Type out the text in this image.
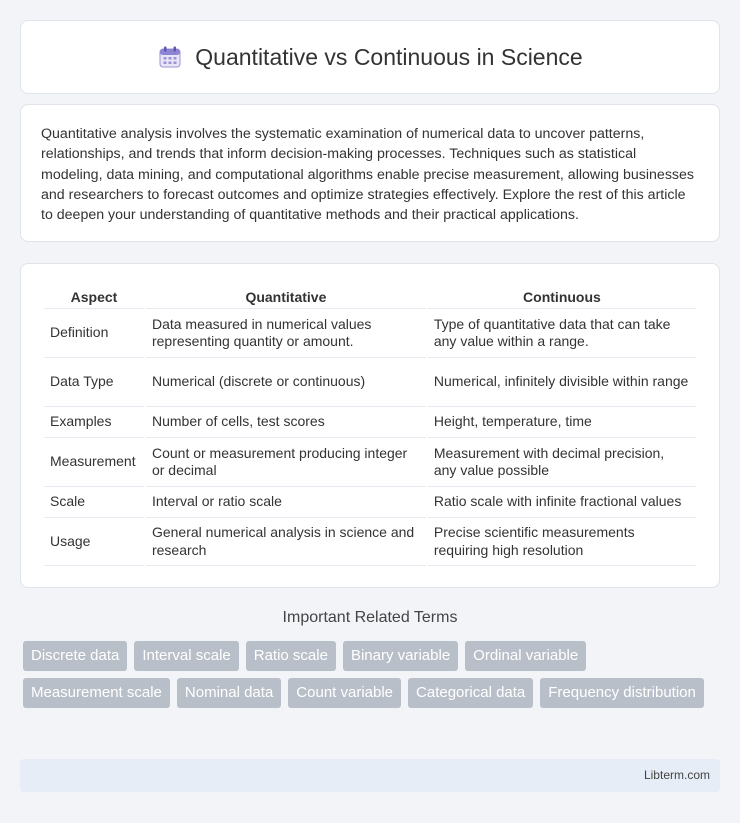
Quantitative vs Continuous in Science

Quantitative analysis involves the systematic examination of numerical data to uncover patterns, relationships, and trends that inform decision-making processes. Techniques such as statistical modeling, data mining, and computational algorithms enable precise measurement, allowing businesses and researchers to forecast outcomes and optimize strategies effectively. Explore the rest of this article to deepen your understanding of quantitative methods and their practical applications.

Aspect	Quantitative	Continuous
Definition	Data measured in numerical values representing quantity or amount.	Type of quantitative data that can take any value within a range.
Data Type	Numerical (discrete or continuous)	Numerical, infinitely divisible within range
Examples	Number of cells, test scores	Height, temperature, time
Measurement	Count or measurement producing integer or decimal	Measurement with decimal precision, any value possible
Scale	Interval or ratio scale	Ratio scale with infinite fractional values
Usage	General numerical analysis in science and research	Precise scientific measurements requiring high resolution
Important Related Terms
Discrete data	Interval scale	Ratio scale	Binary variable	Ordinal variable
Measurement scale	Nominal data	Count variable	Categorical data	Frequency distribution
Libterm.com
